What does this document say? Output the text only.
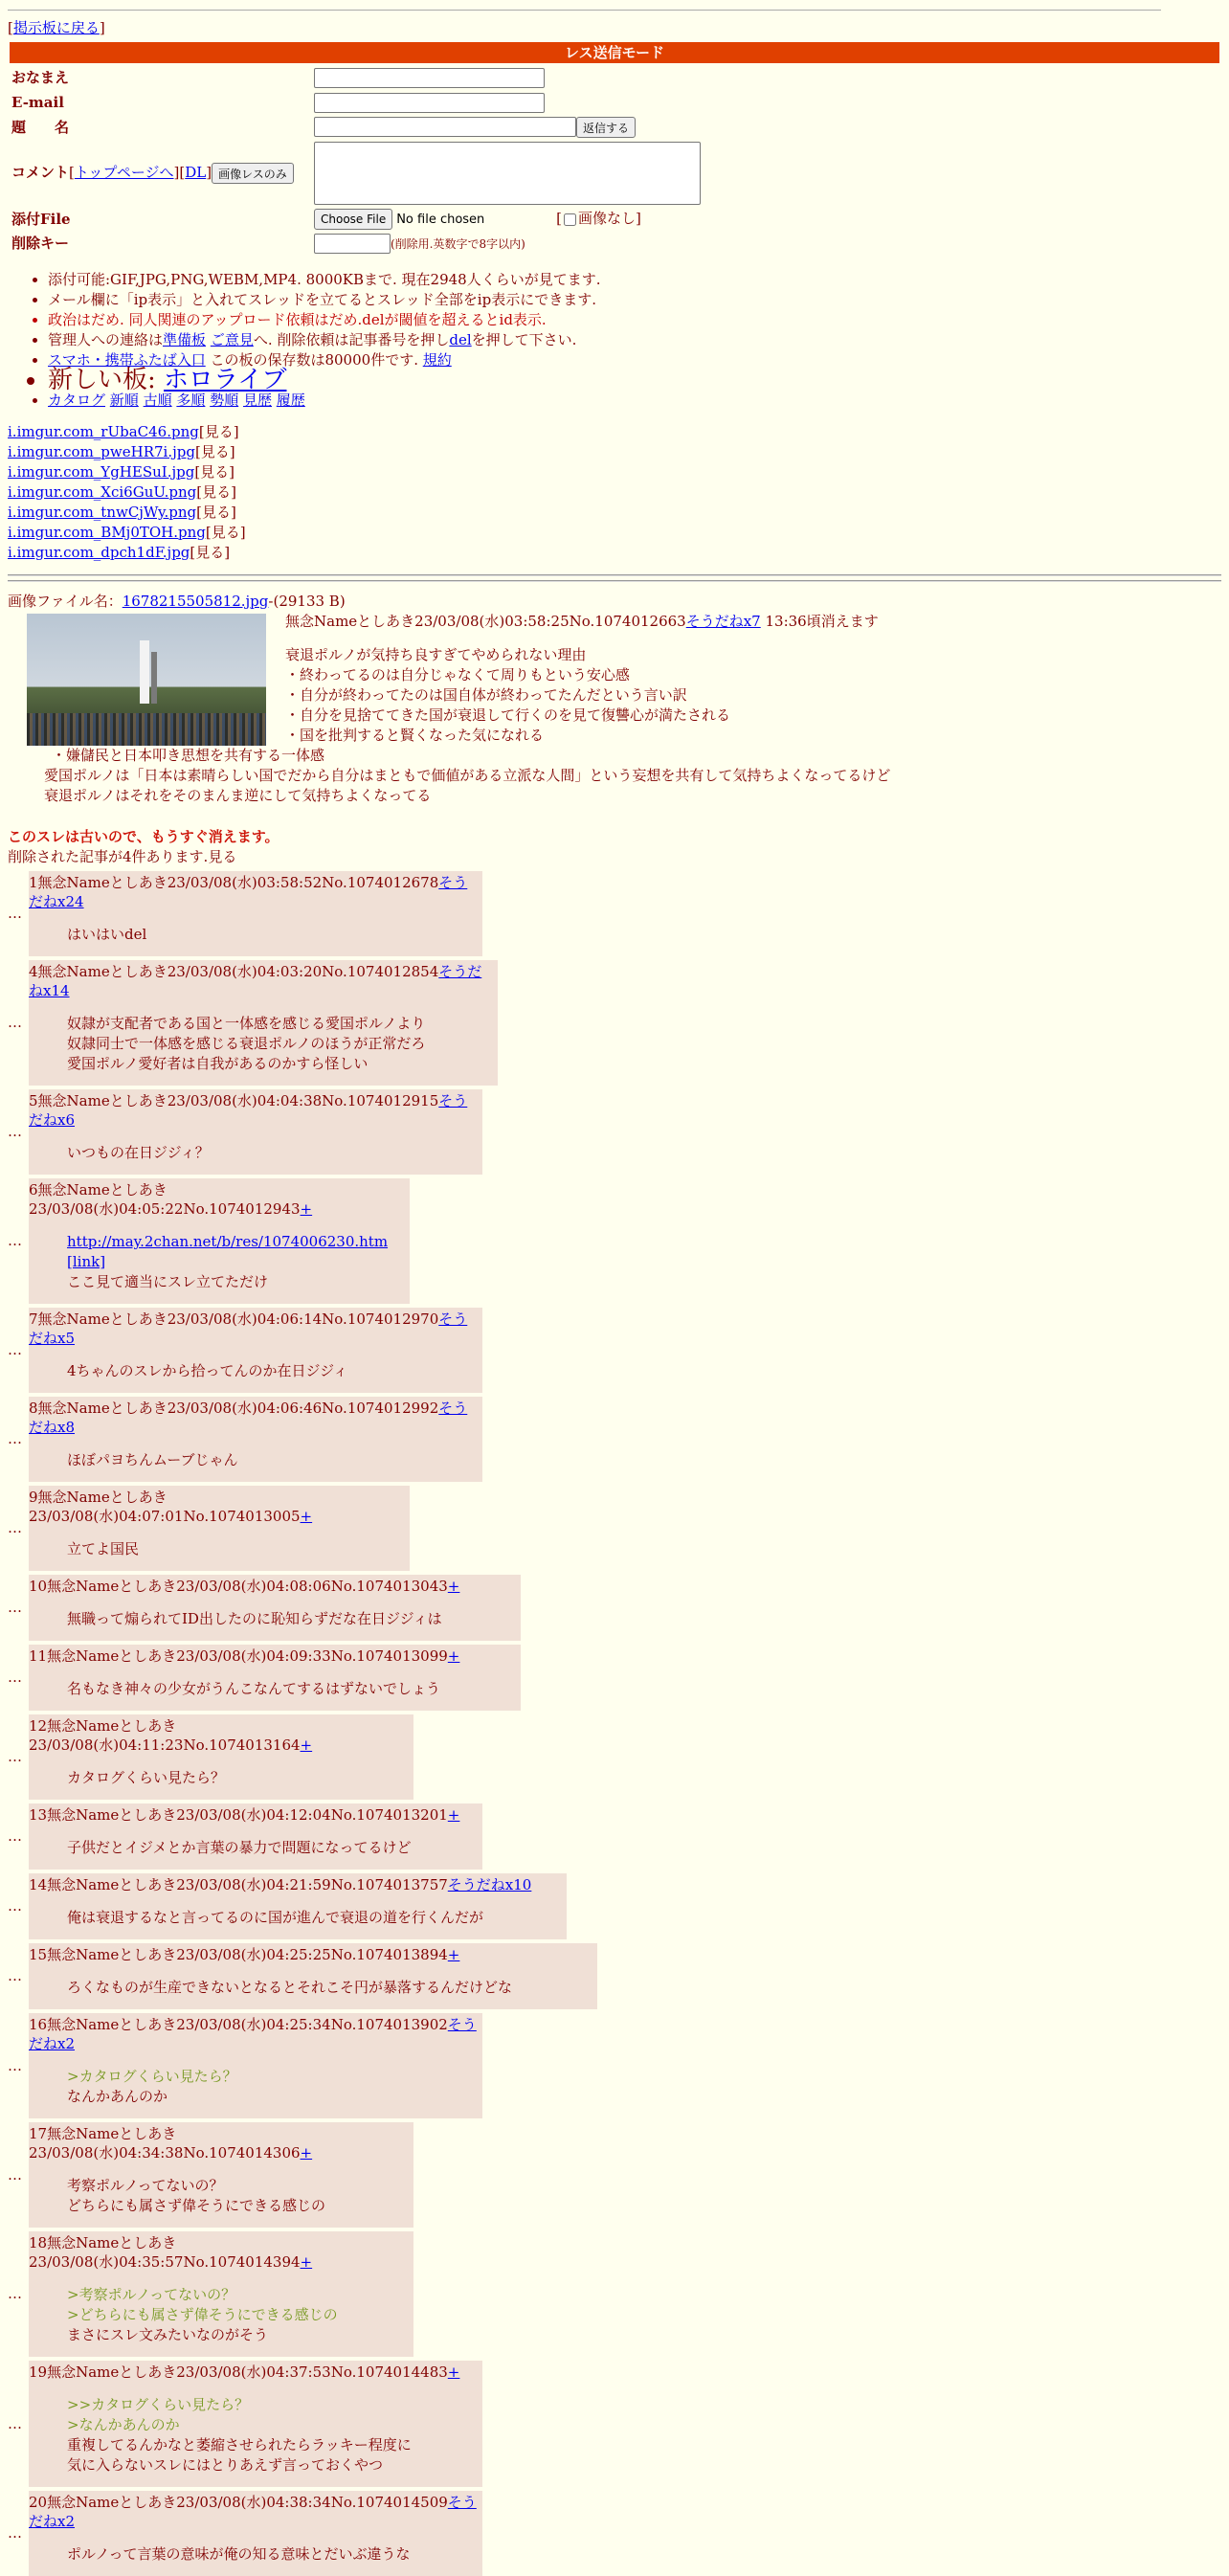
[掲示板に戻る]
レス送信モード
おなまえ	
E-mail	
題　　名	返信する
コメント[トップページへ][DL] 画像レスのみ	
添付File	Choose File No file chosen [ 画像なし]
削除キー	(削除用.英数字で8字以内)
• 添付可能:GIF,JPG,PNG,WEBM,MP4. 8000KBまで. 現在2948人くらいが見てます.
• メール欄に「ip表示」と入れてスレッドを立てるとスレッド全部をip表示にできます.
• 政治はだめ. 同人関連のアップロード依頼はだめ.delが閾値を超えるとid表示.
• 管理人への連絡は準備板 ご意見へ. 削除依頼は記事番号を押しdelを押して下さい.
• スマホ・携帯ふたば入口 この板の保存数は80000件です. 規約
• 新しい板: ホロライブ
• カタログ 新順 古順 多順 勢順 見歴 履歴
i.imgur.com_rUbaC46.png[見る]
i.imgur.com_pweHR7i.jpg[見る]
i.imgur.com_YgHESuI.jpg[見る]
i.imgur.com_Xci6GuU.png[見る]
i.imgur.com_tnwCjWy.png[見る]
i.imgur.com_BMj0TOH.png[見る]
i.imgur.com_dpch1dF.jpg[見る]
画像ファイル名：1678215505812.jpg-(29133 B)
無念Nameとしあき23/03/08(水)03:58:25No.1074012663そうだねx7 13:36頃消えます
衰退ポルノが気持ち良すぎてやめられない理由
・終わってるのは自分じゃなくて周りもという安心感
・自分が終わってたのは国自体が終わってたんだという言い訳
・自分を見捨ててきた国が衰退して行くのを見て復讐心が満たされる
・国を批判すると賢くなった気になれる
・嫌儲民と日本叩き思想を共有する一体感
愛国ポルノは「日本は素晴らしい国でだから自分はまともで価値がある立派な人間」という妄想を共有して気持ちよくなってるけど
衰退ポルノはそれをそのまんま逆にして気持ちよくなってる
このスレは古いので、もうすぐ消えます。
削除された記事が4件あります.見る
…
1無念Nameとしあき23/03/08(水)03:58:52No.1074012678そうだねx24
はいはいdel
…
4無念Nameとしあき23/03/08(水)04:03:20No.1074012854そうだねx14
奴隷が支配者である国と一体感を感じる愛国ポルノより
奴隷同士で一体感を感じる衰退ポルノのほうが正常だろ
愛国ポルノ愛好者は自我があるのかすら怪しい
…
5無念Nameとしあき23/03/08(水)04:04:38No.1074012915そうだねx6
いつもの在日ジジィ？
…
6無念Nameとしあき23/03/08(水)04:05:22No.1074012943+
http://may.2chan.net/b/res/1074006230.htm [link]
ここ見て適当にスレ立てただけ
…
7無念Nameとしあき23/03/08(水)04:06:14No.1074012970そうだねx5
4ちゃんのスレから拾ってんのか在日ジジィ
…
8無念Nameとしあき23/03/08(水)04:06:46No.1074012992そうだねx8
ほぼパヨちんムーブじゃん
…
9無念Nameとしあき23/03/08(水)04:07:01No.1074013005+
立てよ国民
…
10無念Nameとしあき23/03/08(水)04:08:06No.1074013043+
無職って煽られてID出したのに恥知らずだな在日ジジィは
…
11無念Nameとしあき23/03/08(水)04:09:33No.1074013099+
名もなき神々の少女がうんこなんてするはずないでしょう
…
12無念Nameとしあき23/03/08(水)04:11:23No.1074013164+
カタログくらい見たら？
…
13無念Nameとしあき23/03/08(水)04:12:04No.1074013201+
子供だとイジメとか言葉の暴力で問題になってるけど
…
14無念Nameとしあき23/03/08(水)04:21:59No.1074013757そうだねx10
俺は衰退するなと言ってるのに国が進んで衰退の道を行くんだが
…
15無念Nameとしあき23/03/08(水)04:25:25No.1074013894+
ろくなものが生産できないとなるとそれこそ円が暴落するんだけどな
…
16無念Nameとしあき23/03/08(水)04:25:34No.1074013902そうだねx2
>カタログくらい見たら？
なんかあんのか
…
17無念Nameとしあき23/03/08(水)04:34:38No.1074014306+
考察ポルノってないの？
どちらにも属さず偉そうにできる感じの
…
18無念Nameとしあき23/03/08(水)04:35:57No.1074014394+
>考察ポルノってないの？
>どちらにも属さず偉そうにできる感じの
まさにスレ文みたいなのがそう
…
19無念Nameとしあき23/03/08(水)04:37:53No.1074014483+
>>カタログくらい見たら？
>なんかあんのか
重複してるんかなと萎縮させられたらラッキー程度に
気に入らないスレにはとりあえず言っておくやつ
…
20無念Nameとしあき23/03/08(水)04:38:34No.1074014509そうだねx2
ポルノって言葉の意味が俺の知る意味とだいぶ違うな
